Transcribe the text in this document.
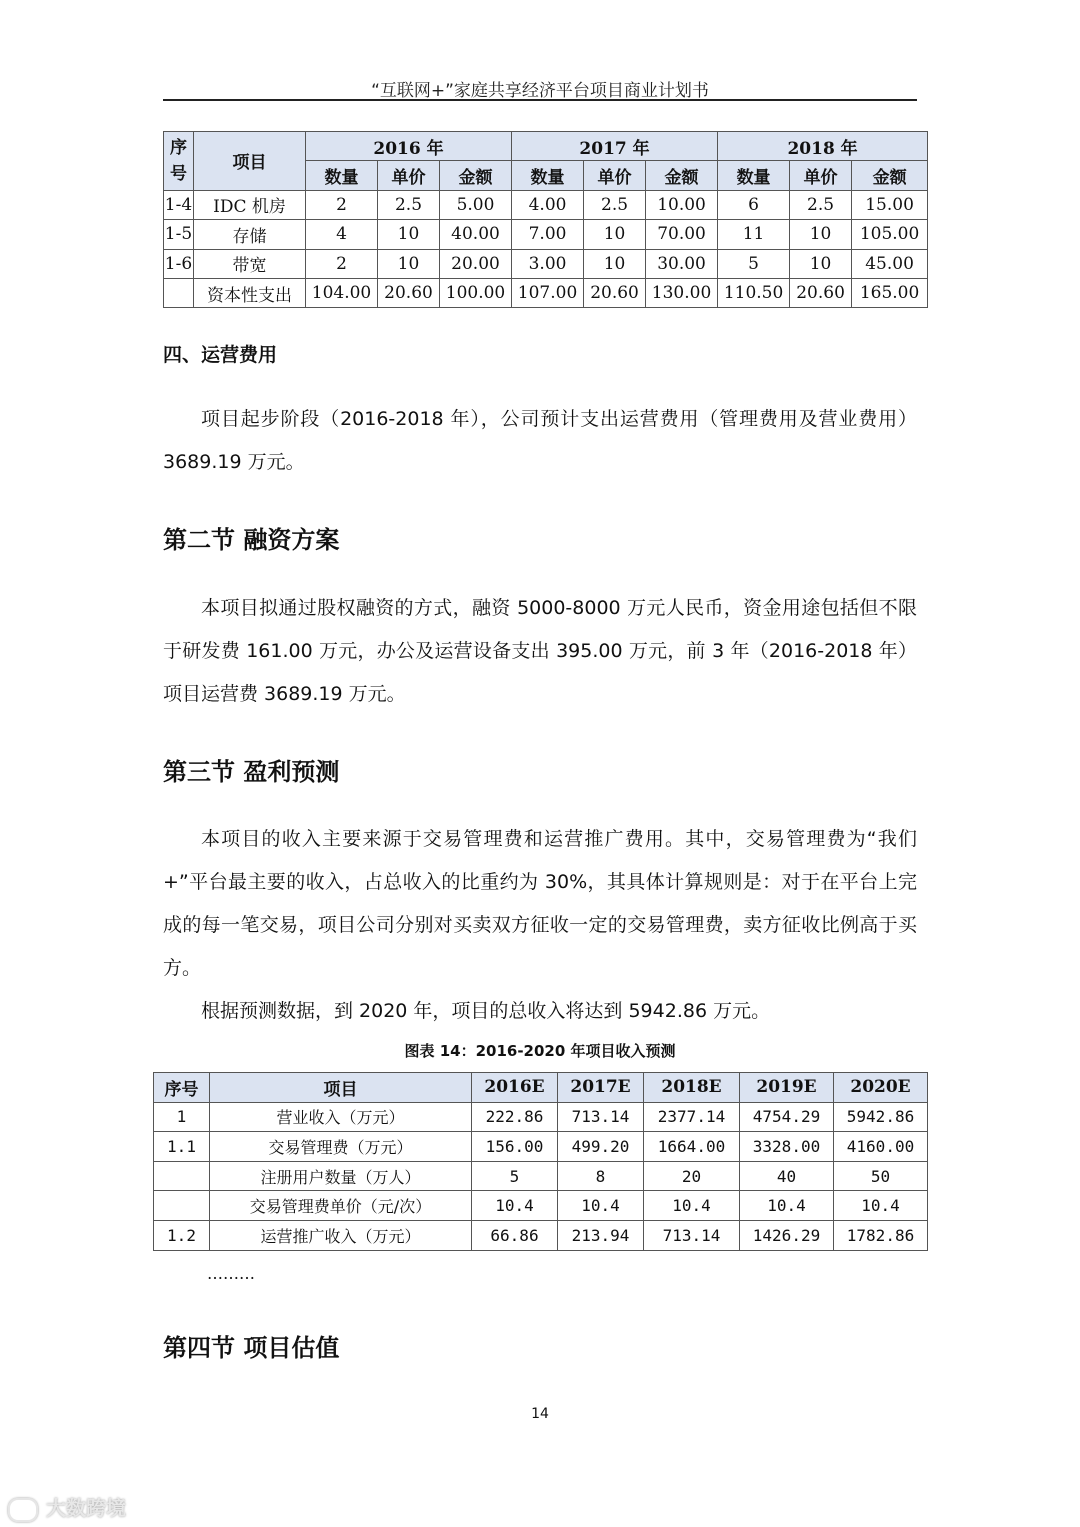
“互联网+”家庭共享经济平台项目商业计划书
序号	项目	2016 年			2017 年			2018 年		
		数量	单价	金额	数量	单价	金额	数量	单价	金额
1-4	IDC 机房	2	2.5	5.00	4.00	2.5	10.00	6	2.5	15.00
1-5	存储	4	10	40.00	7.00	10	70.00	11	10	105.00
1-6	带宽	2	10	20.00	3.00	10	30.00	5	10	45.00
	资本性支出	104.00	20.60	100.00	107.00	20.60	130.00	110.50	20.60	165.00
四、运营费用
项目起步阶段（2016-2018 年），公司预计支出运营费用（管理费用及营业费用）3689.19 万元。
第二节 融资方案
本项目拟通过股权融资的方式，融资 5000-8000 万元人民币，资金用途包括但不限于研发费 161.00 万元，办公及运营设备支出 395.00 万元，前 3 年（2016-2018 年）项目运营费 3689.19 万元。
第三节 盈利预测
本项目的收入主要来源于交易管理费和运营推广费用。其中，交易管理费为“我们+”平台最主要的收入，占总收入的比重约为 30%，其具体计算规则是：对于在平台上完成的每一笔交易，项目公司分别对买卖双方征收一定的交易管理费，卖方征收比例高于买方。
根据预测数据，到 2020 年，项目的总收入将达到 5942.86 万元。
图表 14：2016-2020 年项目收入预测
序号	项目	2016E	2017E	2018E	2019E	2020E
1	营业收入（万元）	222.86	713.14	2377.14	4754.29	5942.86
1.1	交易管理费（万元）	156.00	499.20	1664.00	3328.00	4160.00
	注册用户数量（万人）	5	8	20	40	50
	交易管理费单价（元/次）	10.4	10.4	10.4	10.4	10.4
1.2	运营推广收入（万元）	66.86	213.94	713.14	1426.29	1782.86
………
第四节 项目估值
14
大数跨境
